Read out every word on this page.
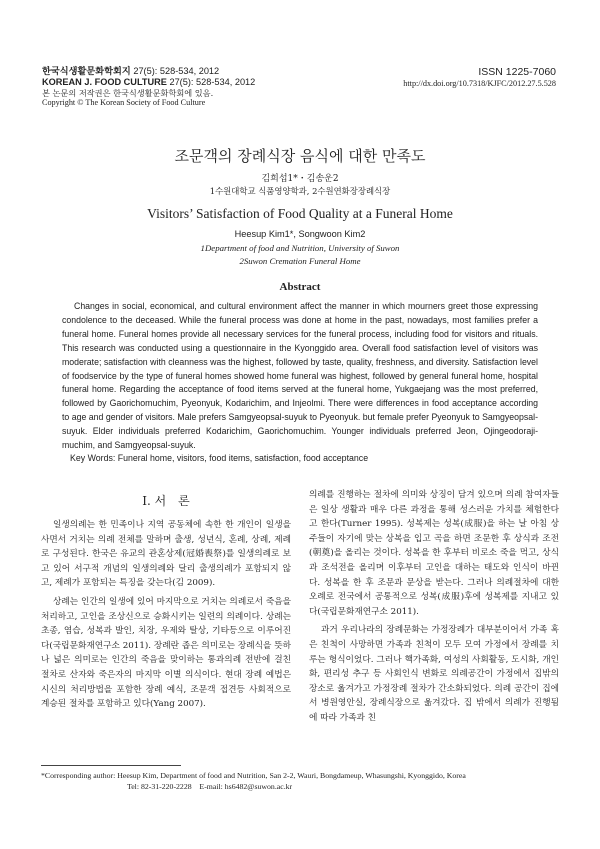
한국식생활문화학회지 27(5): 528-534, 2012
KOREAN J. FOOD CULTURE 27(5): 528-534, 2012
본 논문의 저작권은 한국식생활문화학회에 있음.
Copyright © The Korean Society of Food Culture
ISSN 1225-7060
http://dx.doi.org/10.7318/KJFC/2012.27.5.528
조문객의 장례식장 음식에 대한 만족도
김희섭1*・김송운2
1수원대학교 식품영양학과, 2수원연화장장례식장
Visitors’ Satisfaction of Food Quality at a Funeral Home
Heesup Kim1*, Songwoon Kim2
1Department of food and Nutrition, University of Suwon
2Suwon Cremation Funeral Home
Abstract

Changes in social, economical, and cultural environment affect the manner in which mourners greet those expressing condolence to the deceased. While the funeral process was done at home in the past, nowadays, most families prefer a funeral home. Funeral homes provide all necessary services for the funeral process, including food for visitors and rituals. This research was conducted using a questionnaire in the Kyonggido area. Overall food satisfaction level of visitors was moderate; satisfaction with cleanness was the highest, followed by taste, quality, freshness, and diversity. Satisfaction level of foodservice by the type of funeral homes showed home funeral was highest, followed by general funeral home, hospital funeral home. Regarding the acceptance of food items served at the funeral home, Yukgaejang was the most preferred, followed by Gaorichomuchim, Pyeonyuk, Kodarichim, and Injeolmi. There were differences in food acceptance according to age and gender of visitors. Male prefers Samgyeopsal-suyuk to Pyeonyuk. but female prefer Pyeonyuk to Samgyeopsal-suyuk. Elder individuals preferred Kodarichim, Gaorichomuchim. Younger individuals preferred Jeon, Ojingeodoraji-muchim, and Samgyeopsal-suyuk.

Key Words: Funeral home, visitors, food items, satisfaction, food acceptance
I. 서　론

일생의례는 한 민족이나 지역 공동체에 속한 한 개인이 일생을 사면서 거치는 의례 전체를 말하며 출생, 성년식, 혼례, 상례, 제례로 구성된다. 한국은 유교의 관혼상제(冠婚喪祭)를 일생의례로 보고 있어 서구적 개념의 일생의례와 달리 출생의례가 포함되지 않고, 제례가 포함되는 특징을 갖는다(김 2009).

상례는 인간의 일생에 있어 마지막으로 거치는 의례로서 죽음을 처리하고, 고인을 조상신으로 승화시키는 일련의 의례이다. 상례는 초종, 염습, 성복과 발인, 치장, 우제와 탈상, 기타등으로 이루어진다(국립문화재연구소 2011). 장례란 좁은 의미로는 장례식을 뜻하나 넓은 의미로는 인간의 죽음을 맞이하는 통과의례 전반에 걸친 절차로 산자와 죽은자의 마지막 이별 의식이다. 현대 장례 예법은 시신의 처리방법을 포함한 장례 예식, 조문객 접견등 사회적으로 계승된 절차를 포함하고 있다(Yang 2007).

의례를 진행하는 절차에 의미와 상징이 담겨 있으며 의례 참여자들은 일상 생활과 매우 다른 과정을 통해 성스러운 가치를 체험한다고 한다(Turner 1995). 성복제는 성복(成服)을 하는 날 아침 상주들이 자기에 맞는 상복을 입고 곡을 하면 조문한 후 상식과 조전(朝奠)을 올리는 것이다. 성복을 한 후부터 비로소 죽을 먹고, 상식과 조석전을 올리며 이후부터 고인을 대하는 태도와 인식이 바뀐다. 성복을 한 후 조문과 문상을 받는다. 그러나 의례절차에 대한 오례로 전국에서 공통적으로 성복(成服)후에 성복제를 지내고 있다(국립문화재연구소 2011).

과거 우리나라의 장례문화는 가정장례가 대부분이어서 가족 혹은 친척이 사망하면 가족과 친척이 모두 모여 가정에서 장례를 치루는 형식이었다. 그러나 핵가족화, 여성의 사회활동, 도시화, 개인화, 편리성 추구 등 사회인식 변화로 의례공간이 가정에서 집밖의 장소로 옮겨가고 가정장례 절차가 간소화되었다. 의례 공간이 집에서 병원영안실, 장례식장으로 옮겨갔다. 집 밖에서 의례가 진행됨에 따라 가족과 친

*Corresponding author: Heesup Kim, Department of food and Nutrition, San 2-2, Wauri, Bongdameup, Whasungshi, Kyonggido, Korea
Tel: 82-31-220-2228　E-mail: hs6482@suwon.ac.kr
